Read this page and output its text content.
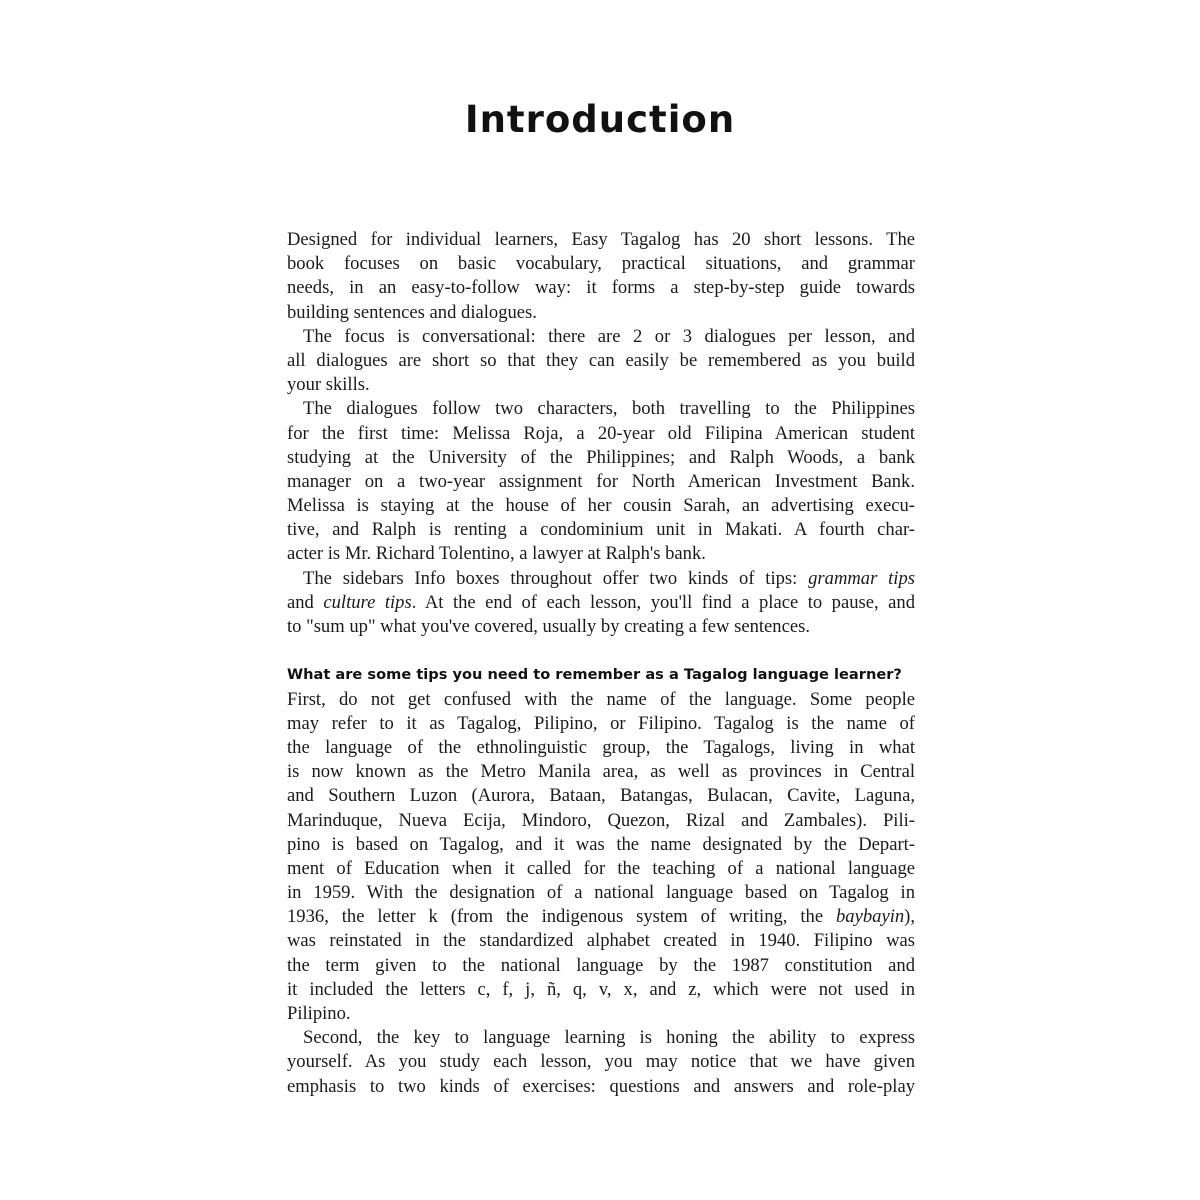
Introduction
Designed for individual learners, Easy Tagalog has 20 short lessons. The
book focuses on basic vocabulary, practical situations, and grammar
needs, in an easy-to-follow way: it forms a step-by-step guide towards
building sentences and dialogues.
The focus is conversational: there are 2 or 3 dialogues per lesson, and
all dialogues are short so that they can easily be remembered as you build
your skills.
The dialogues follow two characters, both travelling to the Philippines
for the first time: Melissa Roja, a 20-year old Filipina American student
studying at the University of the Philippines; and Ralph Woods, a bank
manager on a two-year assignment for North American Investment Bank.
Melissa is staying at the house of her cousin Sarah, an advertising execu-
tive, and Ralph is renting a condominium unit in Makati. A fourth char-
acter is Mr. Richard Tolentino, a lawyer at Ralph's bank.
The sidebars Info boxes throughout offer two kinds of tips: grammar tips
and culture tips. At the end of each lesson, you'll find a place to pause, and
to "sum up" what you've covered, usually by creating a few sentences.
What are some tips you need to remember as a Tagalog language learner?
First, do not get confused with the name of the language. Some people
may refer to it as Tagalog, Pilipino, or Filipino. Tagalog is the name of
the language of the ethnolinguistic group, the Tagalogs, living in what
is now known as the Metro Manila area, as well as provinces in Central
and Southern Luzon (Aurora, Bataan, Batangas, Bulacan, Cavite, Laguna,
Marinduque, Nueva Ecija, Mindoro, Quezon, Rizal and Zambales). Pili-
pino is based on Tagalog, and it was the name designated by the Depart-
ment of Education when it called for the teaching of a national language
in 1959. With the designation of a national language based on Tagalog in
1936, the letter k (from the indigenous system of writing, the baybayin),
was reinstated in the standardized alphabet created in 1940. Filipino was
the term given to the national language by the 1987 constitution and
it included the letters c, f, j, ñ, q, v, x, and z, which were not used in
Pilipino.
Second, the key to language learning is honing the ability to express
yourself. As you study each lesson, you may notice that we have given
emphasis to two kinds of exercises: questions and answers and role-play
